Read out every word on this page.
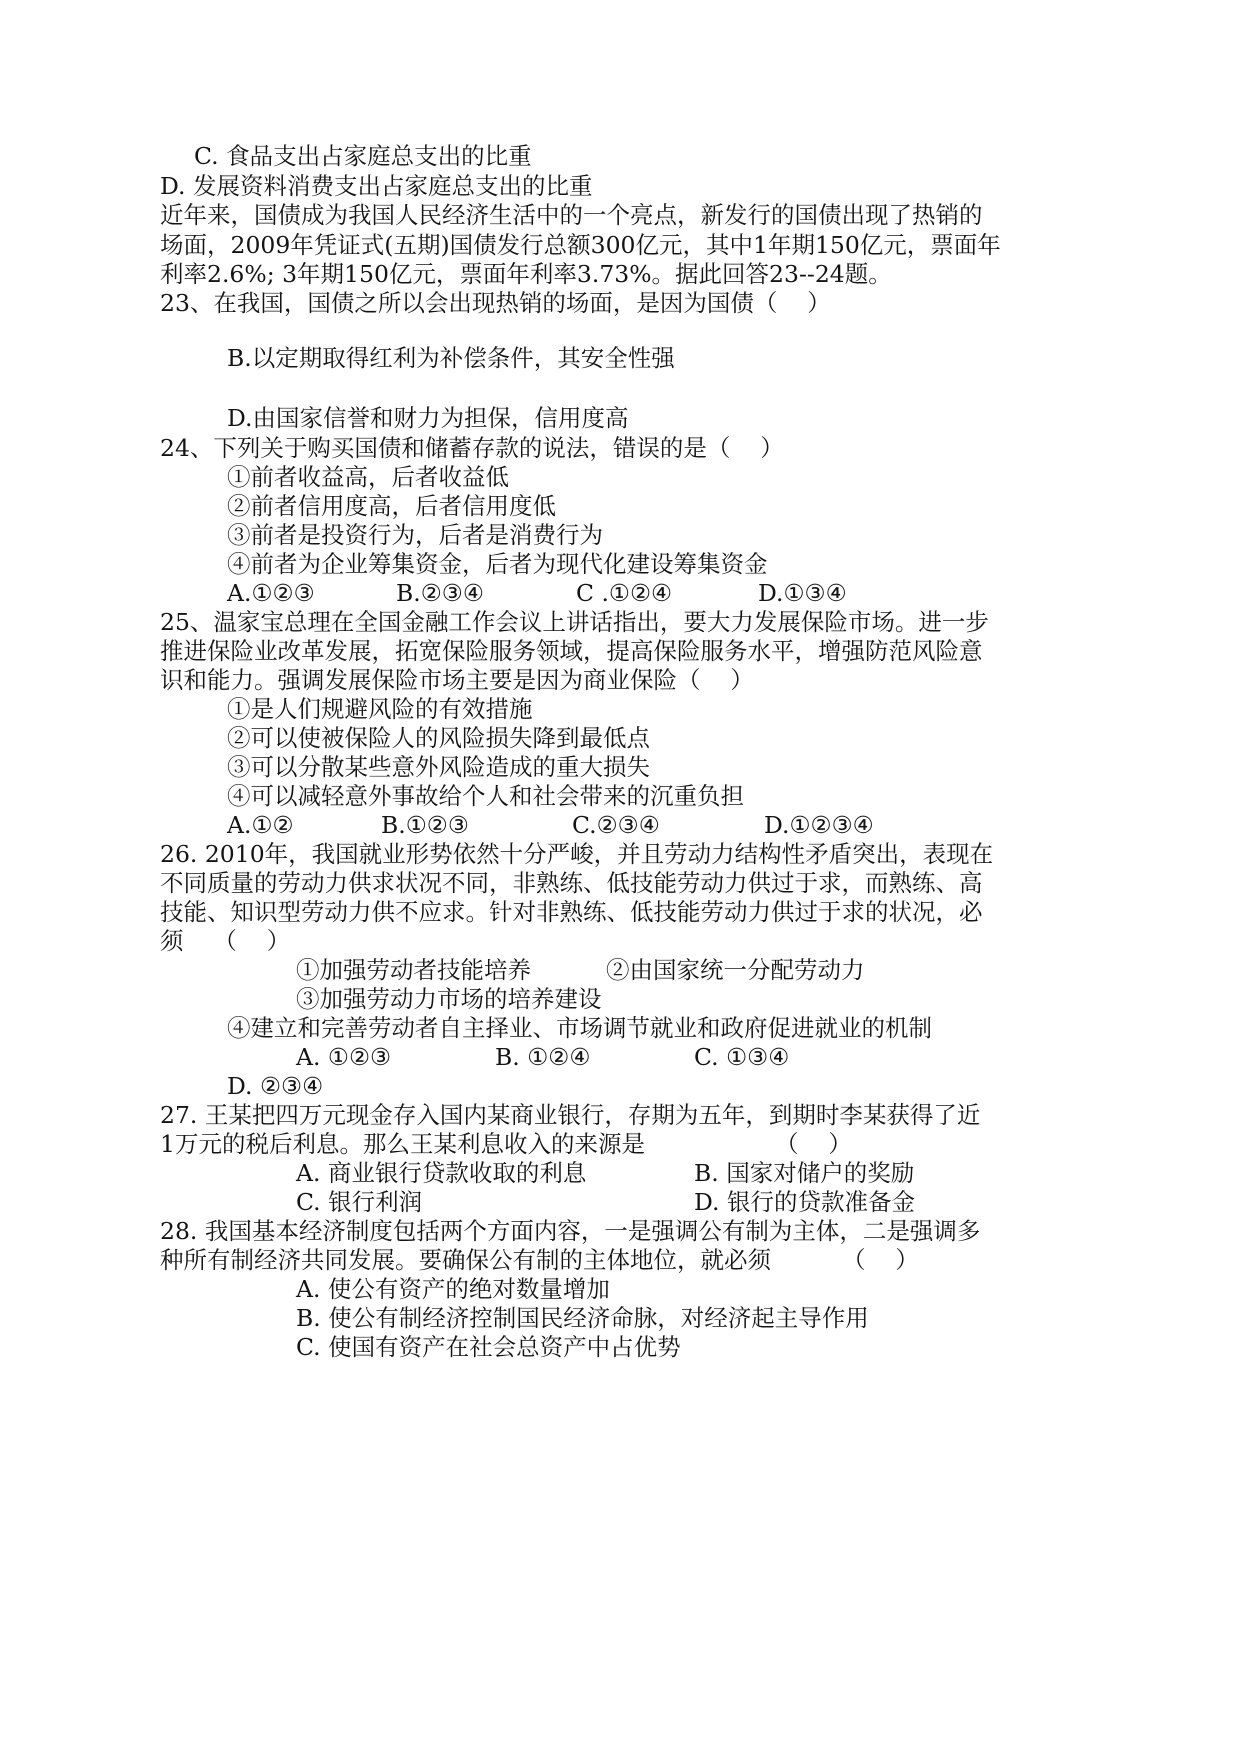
C. 食品支出占家庭总支出的比重
D. 发展资料消费支出占家庭总支出的比重
近年来，国债成为我国人民经济生活中的一个亮点，新发行的国债出现了热销的
场面，2009年凭证式(五期)国债发行总额300亿元，其中1年期150亿元，票面年
利率2.6%; 3年期150亿元，票面年利率3.73%。据此回答23--24题。
23、在我国，国债之所以会出现热销的场面，是因为国债（    ）
B.以定期取得红利为补偿条件，其安全性强
D.由国家信誉和财力为担保，信用度高
24、下列关于购买国债和储蓄存款的说法，错误的是（    ）
①前者收益高，后者收益低
②前者信用度高，后者信用度低
③前者是投资行为，后者是消费行为
④前者为企业筹集资金，后者为现代化建设筹集资金
A.①②③	B.②③④	C .①②④	D.①③④
25、温家宝总理在全国金融工作会议上讲话指出，要大力发展保险市场。进一步
推进保险业改革发展，拓宽保险服务领域，提高保险服务水平，增强防范风险意
识和能力。强调发展保险市场主要是因为商业保险（    ）
①是人们规避风险的有效措施
②可以使被保险人的风险损失降到最低点
③可以分散某些意外风险造成的重大损失
④可以减轻意外事故给个人和社会带来的沉重负担
A.①②	B.①②③	C.②③④	D.①②③④
26. 2010年，我国就业形势依然十分严峻，并且劳动力结构性矛盾突出，表现在
不同质量的劳动力供求状况不同，非熟练、低技能劳动力供过于求，而熟练、高
技能、知识型劳动力供不应求。针对非熟练、低技能劳动力供过于求的状况，必
须    （    ）
①加强劳动者技能培养	②由国家统一分配劳动力
③加强劳动力市场的培养建设
④建立和完善劳动者自主择业、市场调节就业和政府促进就业的机制
A. ①②③	B. ①②④	C. ①③④
D. ②③④
27. 王某把四万元现金存入国内某商业银行，存期为五年，到期时李某获得了近
1万元的税后利息。那么王某利息收入的来源是	（    ）
A. 商业银行贷款收取的利息	B. 国家对储户的奖励
C. 银行利润	D. 银行的贷款准备金
28. 我国基本经济制度包括两个方面内容，一是强调公有制为主体，二是强调多
种所有制经济共同发展。要确保公有制的主体地位，就必须	（    ）
A. 使公有资产的绝对数量增加
B. 使公有制经济控制国民经济命脉，对经济起主导作用
C. 使国有资产在社会总资产中占优势
